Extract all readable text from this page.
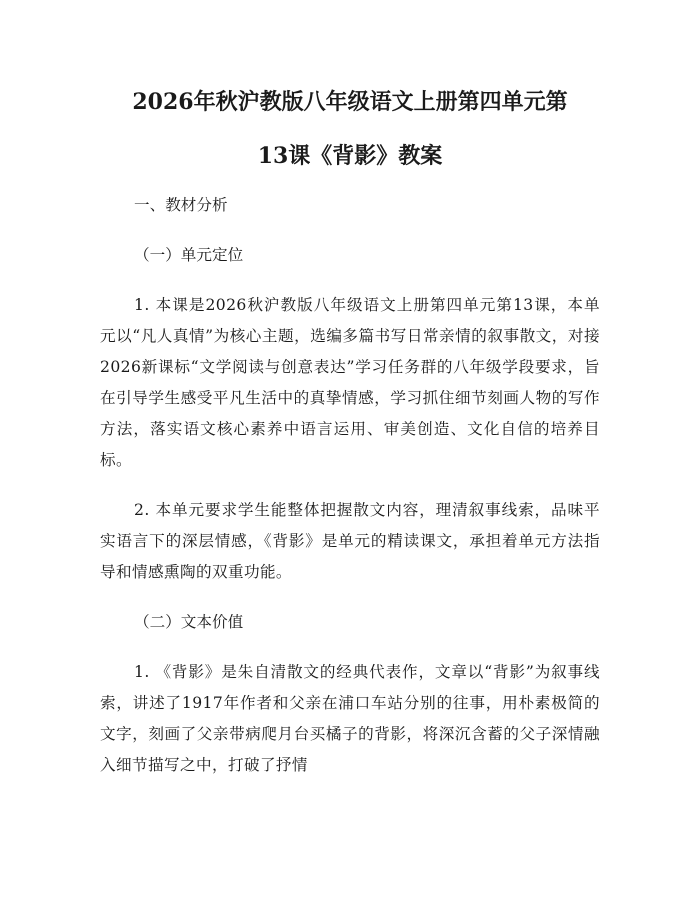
2026年秋沪教版八年级语文上册第四单元第

13课《背影》教案

一、教材分析

（一）单元定位

1. 本课是2026秋沪教版八年级语文上册第四单元第13课，本单元以“凡人真情”为核心主题，选编多篇书写日常亲情的叙事散文，对接2026新课标“文学阅读与创意表达”学习任务群的八年级学段要求，旨在引导学生感受平凡生活中的真挚情感，学习抓住细节刻画人物的写作方法，落实语文核心素养中语言运用、审美创造、文化自信的培养目标。

2. 本单元要求学生能整体把握散文内容，理清叙事线索，品味平实语言下的深层情感，《背影》是单元的精读课文，承担着单元方法指导和情感熏陶的双重功能。

（二）文本价值

1. 《背影》是朱自清散文的经典代表作，文章以“背影”为叙事线索，讲述了1917年作者和父亲在浦口车站分别的往事，用朴素极简的文字，刻画了父亲带病爬月台买橘子的背影，将深沉含蓄的父子深情融入细节描写之中，打破了抒情
